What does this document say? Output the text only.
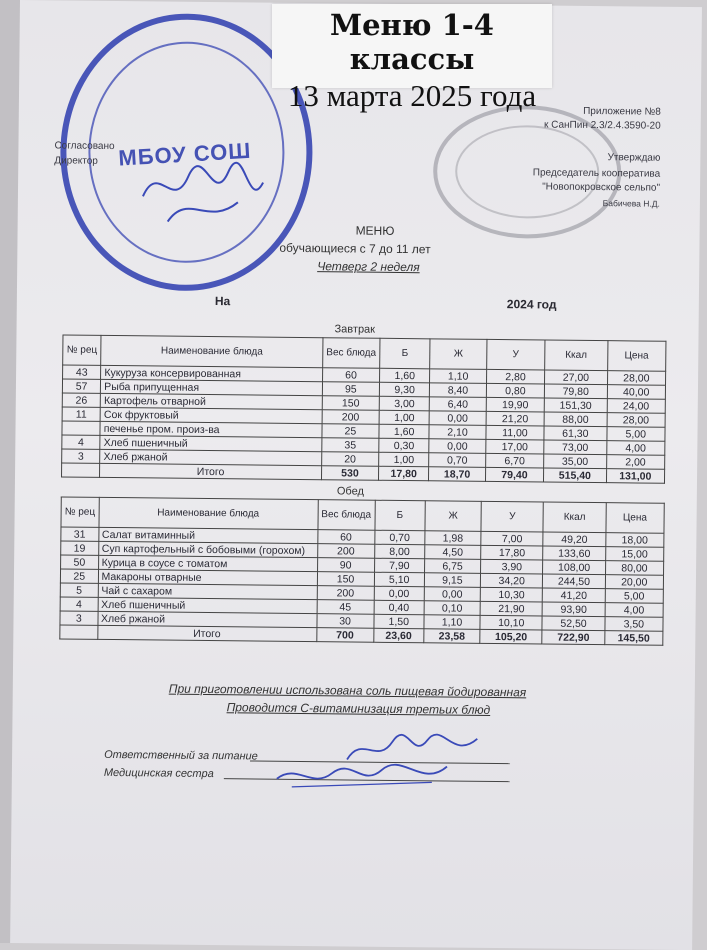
МБОУ СОШ
Согласовано
Директор
Приложение №8
к СанПин 2.3/2.4.3590-20
Утверждаю
Председатель кооператива
"Новопокровское сельпо"
Бабичева Н.Д.
МЕНЮ
обучающиеся с 7 до 11 лет
Четверг 2 неделя
На	2024 год
Завтрак
№ рец	Наименование блюда	Вес блюда	Б	Ж	У	Ккал	Цена
43	Кукуруза консервированная	60	1,60	1,10	2,80	27,00	28,00
57	Рыба припущенная	95	9,30	8,40	0,80	79,80	40,00
26	Картофель отварной	150	3,00	6,40	19,90	151,30	24,00
11	Сок фруктовый	200	1,00	0,00	21,20	88,00	28,00
	печенье пром. произ-ва	25	1,60	2,10	11,00	61,30	5,00
4	Хлеб пшеничный	35	0,30	0,00	17,00	73,00	4,00
3	Хлеб ржаной	20	1,00	0,70	6,70	35,00	2,00
	Итого	530	17,80	18,70	79,40	515,40	131,00
Обед
№ рец	Наименование блюда	Вес блюда	Б	Ж	У	Ккал	Цена
31	Салат витаминный	60	0,70	1,98	7,00	49,20	18,00
19	Суп картофельный с бобовыми (горохом)	200	8,00	4,50	17,80	133,60	15,00
50	Курица в соусе с томатом	90	7,90	6,75	3,90	108,00	80,00
25	Макароны отварные	150	5,10	9,15	34,20	244,50	20,00
5	Чай с сахаром	200	0,00	0,00	10,30	41,20	5,00
4	Хлеб пшеничный	45	0,40	0,10	21,90	93,90	4,00
3	Хлеб ржаной	30	1,50	1,10	10,10	52,50	3,50
	Итого	700	23,60	23,58	105,20	722,90	145,50
При приготовлении использована соль пищевая йодированная
Проводится С-витаминизация третьих блюд
Ответственный за питание
Медицинская сестра
Меню 1-4 классы
13 марта 2025 года
